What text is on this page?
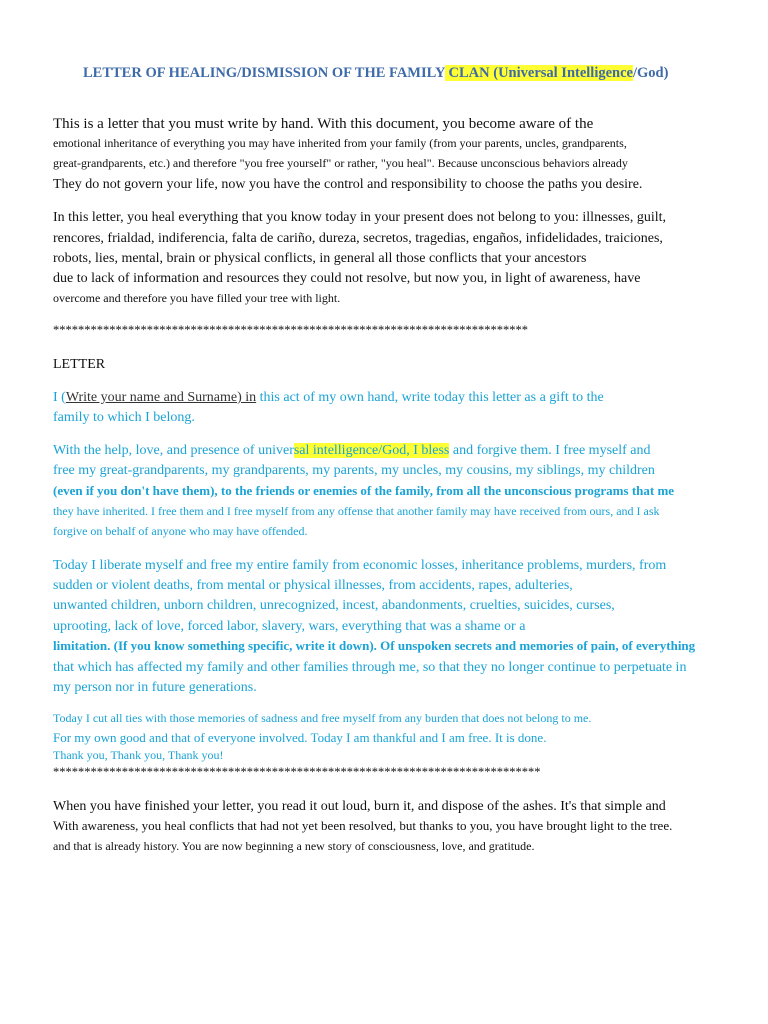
LETTER OF HEALING/DISMISSION OF THE FAMILY CLAN (Universal Intelligence/God)
This is a letter that you must write by hand. With this document, you become aware of the
emotional inheritance of everything you may have inherited from your family (from your parents, uncles, grandparents,
great-grandparents, etc.) and therefore "you free yourself" or rather, "you heal". Because unconscious behaviors already
They do not govern your life, now you have the control and responsibility to choose the paths you desire.
In this letter, you heal everything that you know today in your present does not belong to you: illnesses, guilt,
rencores, frialdad, indiferencia, falta de cariño, dureza, secretos, tragedias, engaños, infidelidades, traiciones,
robots, lies, mental, brain or physical conflicts, in general all those conflicts that your ancestors
due to lack of information and resources they could not resolve, but now you, in light of awareness, have
overcome and therefore you have filled your tree with light.
****************************************************************************
LETTER
I (Write your name and Surname) in this act of my own hand, write today this letter as a gift to the
family to which I belong.
With the help, love, and presence of universal intelligence/God, I bless and forgive them. I free myself and
free my great-grandparents, my grandparents, my parents, my uncles, my cousins, my siblings, my children
(even if you don't have them), to the friends or enemies of the family, from all the unconscious programs that me
they have inherited. I free them and I free myself from any offense that another family may have received from ours, and I ask
forgive on behalf of anyone who may have offended.
Today I liberate myself and free my entire family from economic losses, inheritance problems, murders, from
sudden or violent deaths, from mental or physical illnesses, from accidents, rapes, adulteries,
unwanted children, unborn children, unrecognized, incest, abandonments, cruelties, suicides, curses,
uprooting, lack of love, forced labor, slavery, wars, everything that was a shame or a
limitation. (If you know something specific, write it down). Of unspoken secrets and memories of pain, of everything
that which has affected my family and other families through me, so that they no longer continue to perpetuate in
my person nor in future generations.
Today I cut all ties with those memories of sadness and free myself from any burden that does not belong to me.
For my own good and that of everyone involved. Today I am thankful and I am free. It is done.
Thank you, Thank you, Thank you!
******************************************************************************
When you have finished your letter, you read it out loud, burn it, and dispose of the ashes. It's that simple and
With awareness, you heal conflicts that had not yet been resolved, but thanks to you, you have brought light to the tree.
and that is already history. You are now beginning a new story of consciousness, love, and gratitude.
